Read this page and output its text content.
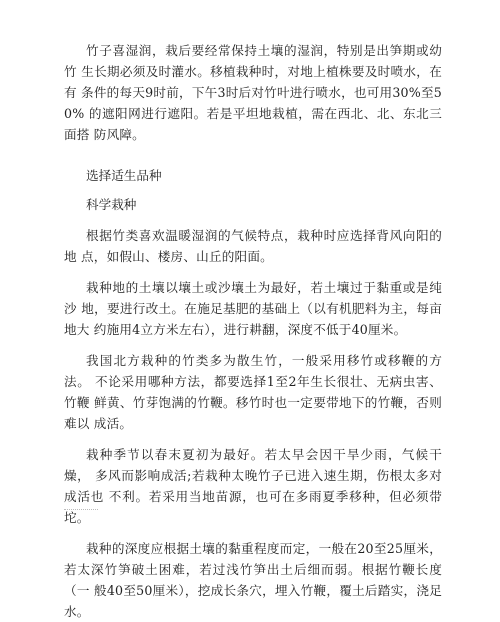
竹子喜湿润，栽后要经常保持土壤的湿润，特别是出笋期或幼竹 生长期必须及时灌水。移植栽种时，对地上植株要及时喷水，在有 条件的每天9时前，下午3时后对竹叶进行喷水，也可用30%至50% 的遮阳网进行遮阳。若是平坦地栽植，需在西北、北、东北三面搭 防风障。

选择适生品种

科学栽种

根据竹类喜欢温暖湿润的气候特点，栽种时应选择背风向阳的地 点，如假山、楼房、山丘的阳面。

栽种地的土壤以壤土或沙壤土为最好，若土壤过于黏重或是纯沙 地，要进行改土。在施足基肥的基础上（以有机肥料为主，每亩地大 约施用4立方米左右），进行耕翻，深度不低于40厘米。

我国北方栽种的竹类多为散生竹，一般采用移竹或移鞭的方法。 不论采用哪种方法，都要选择1至2年生长很壮、无病虫害、竹鞭 鲜黄、竹芽饱满的竹鞭。移竹时也一定要带地下的竹鞭，否则难以 成活。

栽种季节以春末夏初为最好。若太早会因干旱少雨，气候干燥， 多风而影响成活;若栽种太晚竹子已进入速生期，伤根太多对成活也 不利。若采用当地苗源，也可在多雨夏季移种，但必须带坨。

栽种的深度应根据土壤的黏重程度而定，一般在20至25厘米， 若太深竹笋破土困难，若过浅竹笋出土后细而弱。根据竹鞭长度（一 般40至50厘米），挖成长条穴，埋入竹鞭，覆土后踏实，浇足水。
